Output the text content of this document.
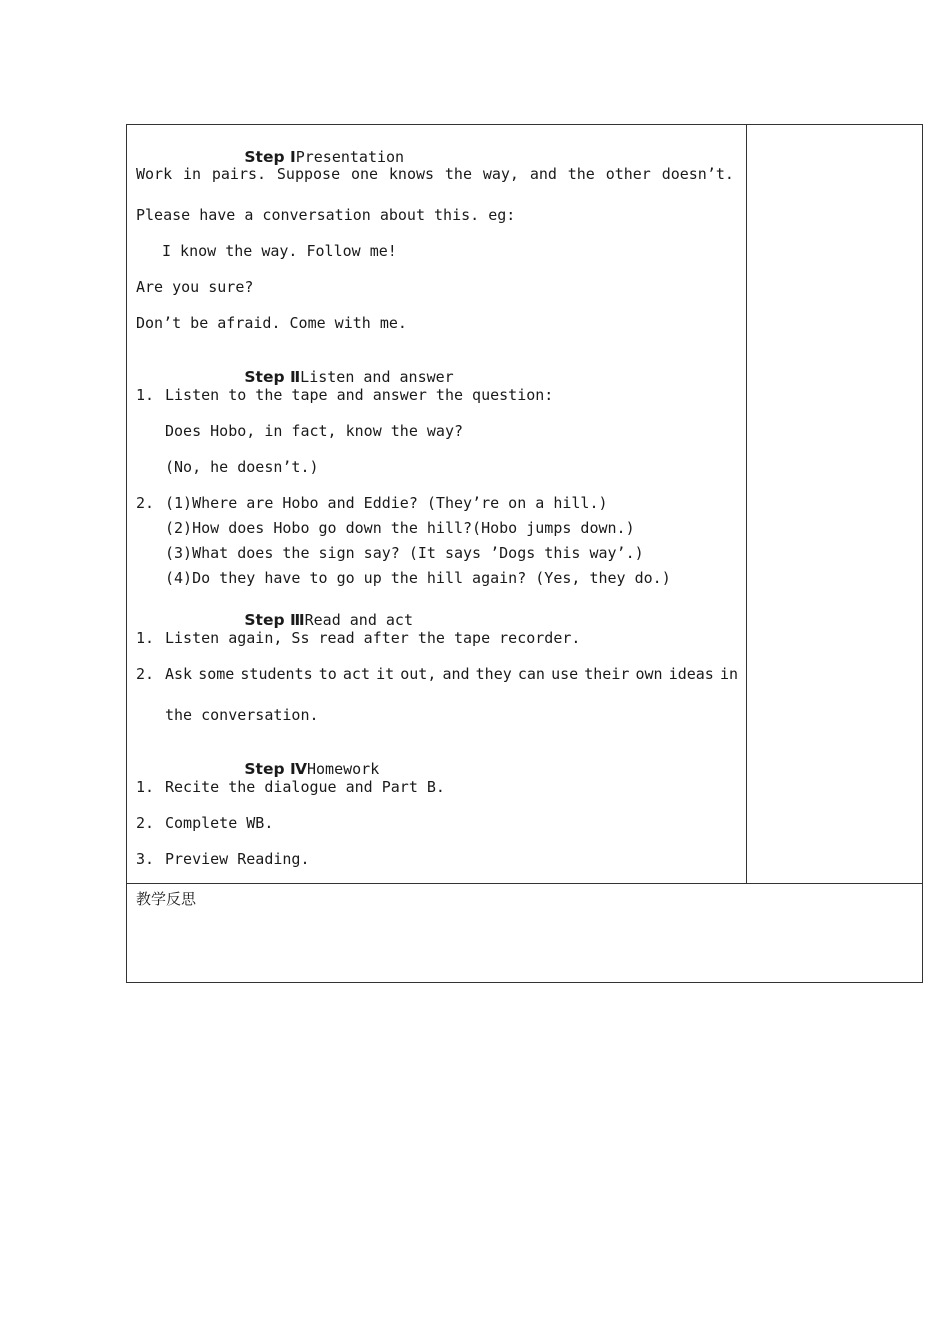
Step ⅠPresentation

Work in pairs. Suppose one knows the way, and the other doesn’t.
Please have a conversation about this. eg:
I know the way. Follow me!
Are you sure?
Don’t be afraid. Come with me.

Step ⅡListen and answer

1. Listen to the tape and answer the question:
Does Hobo, in fact, know the way?
(No, he doesn’t.)
2. (1)Where are Hobo and Eddie? (They’re on a hill.)
(2)How does Hobo go down the hill?(Hobo jumps down.)
(3)What does the sign say? (It says ’Dogs this way’.)
(4)Do they have to go up the hill again? (Yes, they do.)

Step ⅢRead and act

1. Listen again, Ss read after the tape recorder.
2. Ask some students to act it out, and they can use their own ideas in
the conversation.

Step ⅣHomework

1. Recite the dialogue and Part B.
2. Complete WB.
3. Preview Reading.

教学反思
